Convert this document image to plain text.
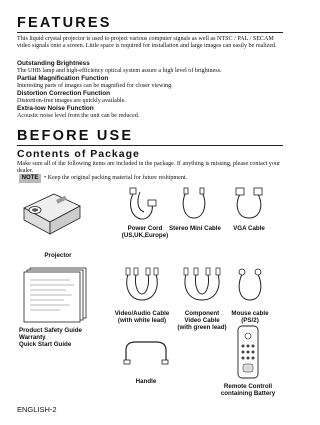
FEATURES

This liquid crystal projector is used to project various computer signals as well as NTSC / PAL / SECAM video signals onto a screen. Little space is required for installation and large images can easily be realized.

Outstanding Brightness
The UHB lamp and high-efficiency optical system assure a high level of brightness.
Partial Magnification Function
Interesting parts of images can be magnified for closer viewing.
Distortion Correction Function
Distortion-free images are quickly available.
Extra-low Noise Function
Acoustic noise level from the unit can be reduced.
BEFORE USE
Contents of Package

Make sure all of the following items are included in the package. If anything is missing, please contact your dealer.

NOTE • Keep the original packing material for future reshipment.
Projector
Power Cord
(US,UK,Europe)
Stereo Mini Cable	VGA Cable
Video/Audio Cable
(with white lead)
Component
Video Cable
(with green lead)
Mouse cable
(PS/2)
Product Safety Guide
Warranty
Quick Start Guide
Handle
Remote Controll
containing Battery
ENGLISH-2
